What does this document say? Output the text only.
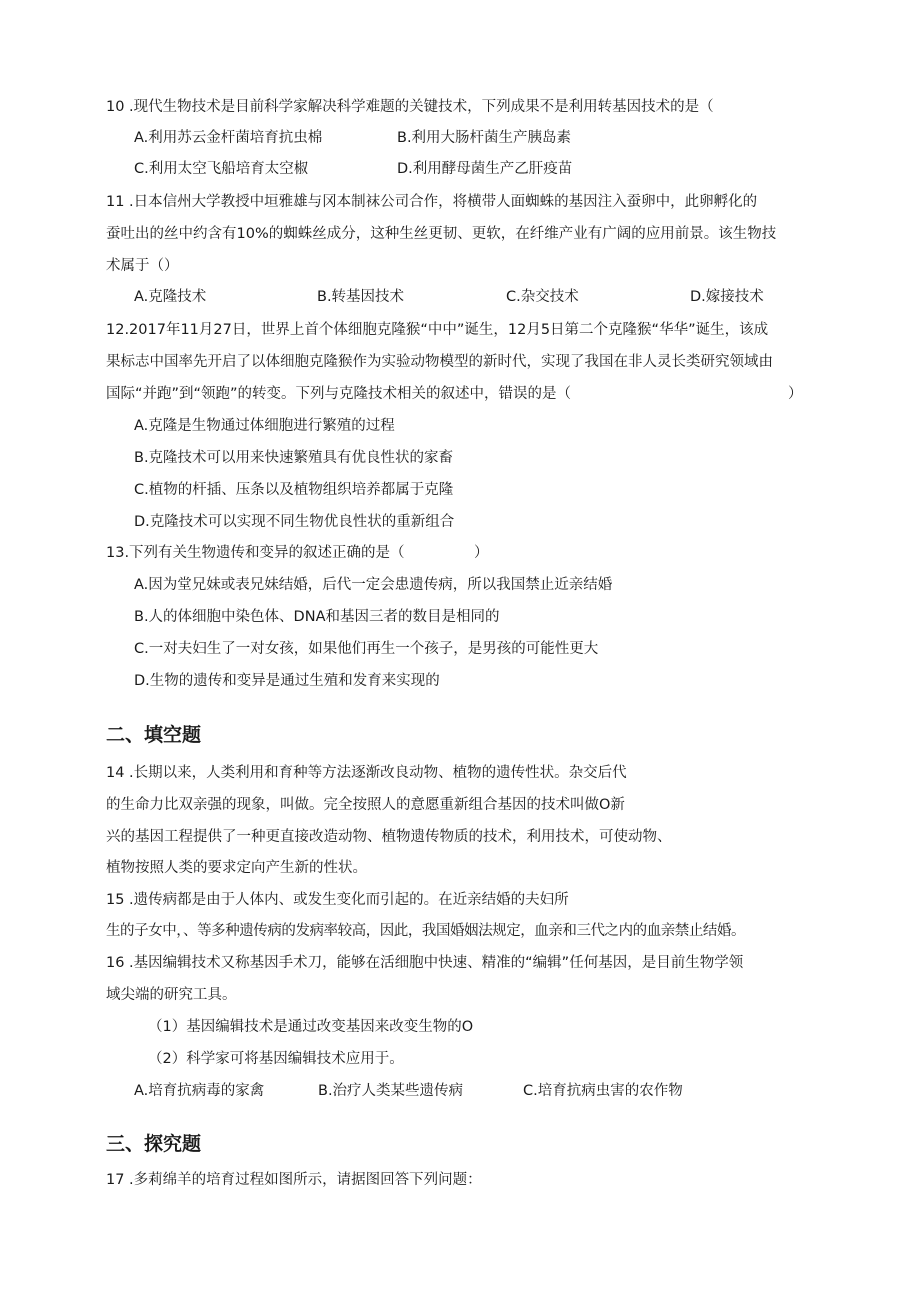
10 .现代生物技术是目前科学家解决科学难题的关键技术，下列成果不是利用转基因技术的是（
A.利用苏云金杆菌培育抗虫棉	B.利用大肠杆菌生产胰岛素
C.利用太空飞船培育太空椒	D.利用酵母菌生产乙肝疫苗
11 .日本信州大学教授中垣雅雄与冈本制袜公司合作，将横带人面蜘蛛的基因注入蚕卵中，此卵孵化的
蚕吐出的丝中约含有10%的蜘蛛丝成分，这种生丝更韧、更软，在纤维产业有广阔的应用前景。该生物技
术属于（）
A.克隆技术	B.转基因技术	C.杂交技术	D.嫁接技术
12.2017年11月27日，世界上首个体细胞克隆猴“中中”诞生，12月5日第二个克隆猴“华华”诞生，该成
果标志中国率先开启了以体细胞克隆猴作为实验动物模型的新时代，实现了我国在非人灵长类研究领域由
国际“并跑”到“领跑”的转变。下列与克隆技术相关的叙述中，错误的是（	）
A.克隆是生物通过体细胞进行繁殖的过程
B.克隆技术可以用来快速繁殖具有优良性状的家畜
C.植物的杆插、压条以及植物组织培养都属于克隆
D.克隆技术可以实现不同生物优良性状的重新组合
13.下列有关生物遗传和变异的叙述正确的是（	）
A.因为堂兄妹或表兄妹结婚，后代一定会患遗传病，所以我国禁止近亲结婚
B.人的体细胞中染色体、DNA和基因三者的数目是相同的
C.一对夫妇生了一对女孩，如果他们再生一个孩子，是男孩的可能性更大
D.生物的遗传和变异是通过生殖和发育来实现的
二、填空题
14 .长期以来，人类利用和育种等方法逐渐改良动物、植物的遗传性状。杂交后代
的生命力比双亲强的现象，叫做。完全按照人的意愿重新组合基因的技术叫做O新
兴的基因工程提供了一种更直接改造动物、植物遗传物质的技术，利用技术，可使动物、
植物按照人类的要求定向产生新的性状。
15 .遗传病都是由于人体内、或发生变化而引起的。在近亲结婚的夫妇所
生的子女中，、等多种遗传病的发病率较高，因此，我国婚姻法规定，血亲和三代之内的血亲禁止结婚。
16 .基因编辑技术又称基因手术刀，能够在活细胞中快速、精准的“编辑”任何基因，是目前生物学领
域尖端的研究工具。
（1）基因编辑技术是通过改变基因来改变生物的O
（2）科学家可将基因编辑技术应用于。
A.培育抗病毒的家禽	B.治疗人类某些遗传病	C.培育抗病虫害的农作物
三、探究题
17 .多莉绵羊的培育过程如图所示，请据图回答下列问题：
